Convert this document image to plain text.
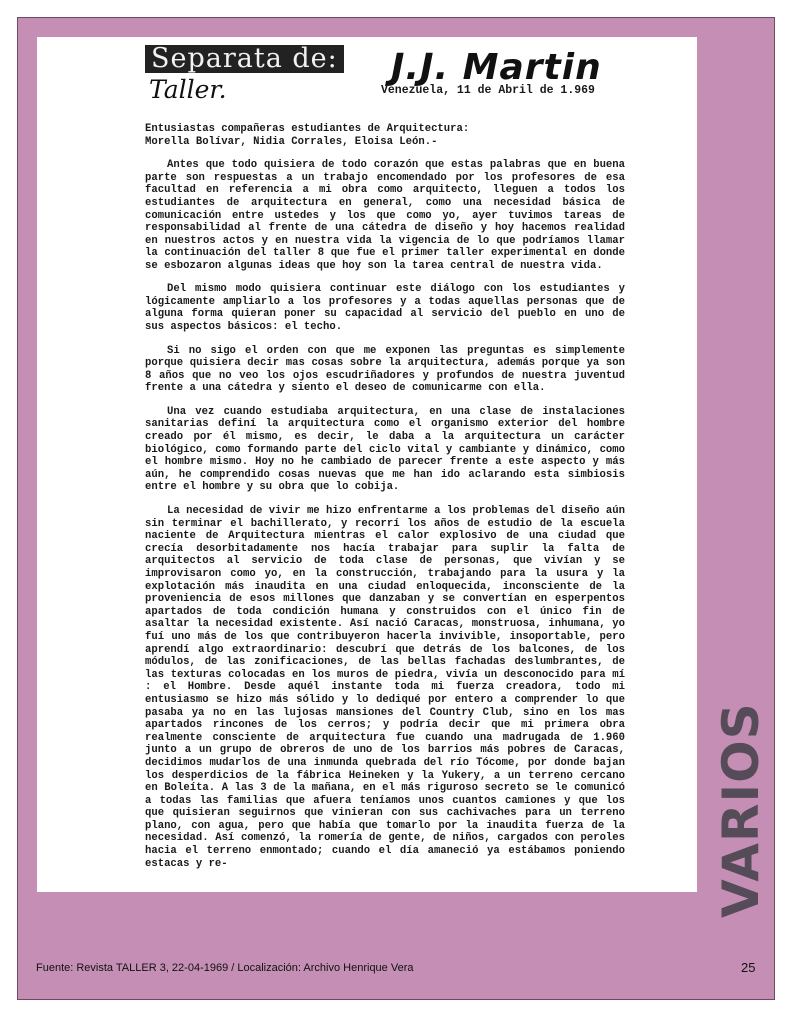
Separata de:
Taller.
J.J. Martin
Venezuela, 11 de Abril de 1.969
Entusiastas compañeras estudiantes de Arquitectura:
Morella Bolívar, Nidia Corrales, Eloisa León.-

Antes que todo quisiera de todo corazón que estas palabras que en buena parte son respuestas a un trabajo encomendado por los profesores de esa facultad en referencia a mi obra como arquitecto, lleguen a todos los estudiantes de arquitectura en general, como una necesidad básica de comunicación entre ustedes y los que como yo, ayer tuvimos tareas de responsabilidad al frente de una cátedra de diseño y hoy hacemos realidad en nuestros actos y en nuestra vida la vigencia de lo que podríamos llamar la continuación del taller 8 que fue el primer taller experimental en donde se esbozaron algunas ideas que hoy son la tarea central de nuestra vida.

Del mismo modo quisiera continuar este diálogo con los estudiantes y lógicamente ampliarlo a los profesores y a todas aquellas personas que de alguna forma quieran poner su capacidad al servicio del pueblo en uno de sus aspectos básicos: el techo.

Si no sigo el orden con que me exponen las preguntas es simplemente porque quisiera decir mas cosas sobre la arquitectura, además porque ya son 8 años que no veo los ojos escudriñadores y profundos de nuestra juventud frente a una cátedra y siento el deseo de comunicarme con ella.

Una vez cuando estudiaba arquitectura, en una clase de instalaciones sanitarias definí la arquitectura como el organismo exterior del hombre creado por él mismo, es decir, le daba a la arquitectura un carácter biológico, como formando parte del ciclo vital y cambiante y dinámico, como el hombre mismo. Hoy no he cambiado de parecer frente a este aspecto y más aún, he comprendido cosas nuevas que me han ido aclarando esta simbiosis entre el hombre y su obra que lo cobija.

La necesidad de vivir me hizo enfrentarme a los problemas del diseño aún sin terminar el bachillerato, y recorrí los años de estudio de la escuela naciente de Arquitectura mientras el calor explosivo de una ciudad que crecía desorbitadamente nos hacía trabajar para suplir la falta de arquitectos al servicio de toda clase de personas, que vivían y se improvisaron como yo, en la construcción, trabajando para la usura y la explotación más inaudita en una ciudad enloquecida, inconsciente de la proveniencia de esos millones que danzaban y se convertían en esperpentos apartados de toda condición humana y construidos con el único fin de asaltar la necesidad existente. Así nació Caracas, monstruosa, inhumana, yo fuí uno más de los que contribuyeron hacerla invivible, insoportable, pero aprendí algo extraordinario: descubrí que detrás de los balcones, de los módulos, de las zonificaciones, de las bellas fachadas deslumbrantes, de las texturas colocadas en los muros de piedra, vivía un desconocido para mí : el Hombre. Desde aquél instante toda mi fuerza creadora, todo mi entusiasmo se hizo más sólido y lo dediqué por entero a comprender lo que pasaba ya no en las lujosas mansiones del Country Club, sino en los mas apartados rincones de los cerros; y podría decir que mi primera obra realmente consciente de arquitectura fue cuando una madrugada de 1.960 junto a un grupo de obreros de uno de los barrios más pobres de Caracas, decidimos mudarlos de una inmunda quebrada del río Tócome, por donde bajan los desperdicios de la fábrica Heineken y la Yukery, a un terreno cercano en Boleíta. A las 3 de la mañana, en el más riguroso secreto se le comunicó a todas las familias que afuera teníamos unos cuantos camiones y que los que quisieran seguirnos que vinieran con sus cachivaches para un terreno plano, con agua, pero que había que tomarlo por la inaudita fuerza de la necesidad. Así comenzó, la romería de gente, de niños, cargados con peroles hacia el terreno enmontado; cuando el día amaneció ya estábamos poniendo estacas y re-	VARIOS
Fuente: Revista TALLER 3, 22-04-1969 / Localización: Archivo Henrique Vera	25
